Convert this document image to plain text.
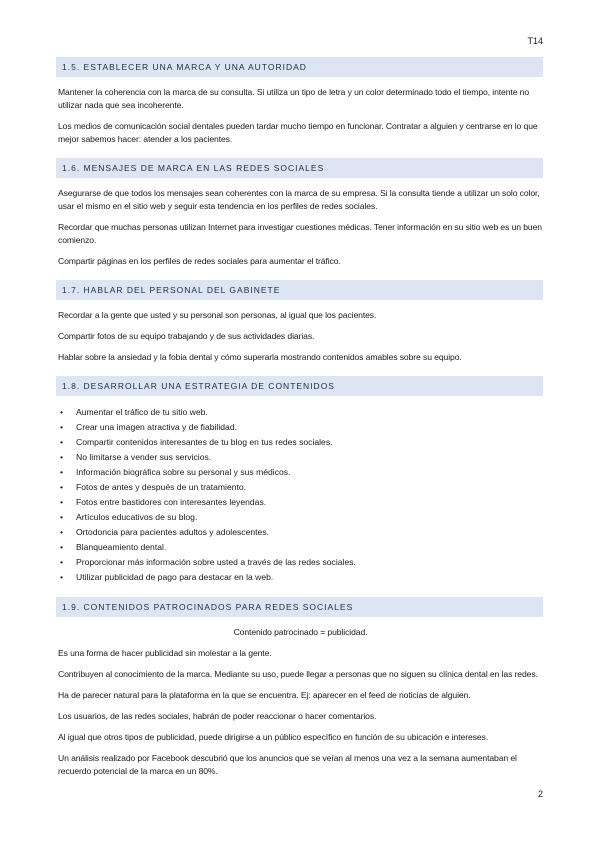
T14
1.5. ESTABLECER UNA MARCA Y UNA AUTORIDAD

Mantener la coherencia con la marca de su consulta. Si utiliza un tipo de letra y un color determinado todo el tiempo, intente no utilizar nada que sea incoherente.

Los medios de comunicación social dentales pueden tardar mucho tiempo en funcionar. Contratar a alguien y centrarse en lo que mejor sabemos hacer: atender a los pacientes.

1.6. MENSAJES DE MARCA EN LAS REDES SOCIALES

Asegurarse de que todos los mensajes sean coherentes con la marca de su empresa. Si la consulta tiende a utilizar un solo color, usar el mismo en el sitio web y seguir esta tendencia en los perfiles de redes sociales.

Recordar que muchas personas utilizan Internet para investigar cuestiones médicas. Tener información en su sitio web es un buen comienzo.

Compartir páginas en los perfiles de redes sociales para aumentar el tráfico.

1.7. HABLAR DEL PERSONAL DEL GABINETE

Recordar a la gente que usted y su personal son personas, al igual que los pacientes.

Compartir fotos de su equipo trabajando y de sus actividades diarias.

Hablar sobre la ansiedad y la fobia dental y cómo superarla mostrando contenidos amables sobre su equipo.

1.8. DESARROLLAR UNA ESTRATEGIA DE CONTENIDOS
• Aumentar el tráfico de tu sitio web.
• Crear una imagen atractiva y de fiabilidad.
• Compartir contenidos interesantes de tu blog en tus redes sociales.
• No limitarse a vender sus servicios.
• Información biográfica sobre su personal y sus médicos.
• Fotos de antes y después de un tratamiento.
• Fotos entre bastidores con interesantes leyendas.
• Artículos educativos de su blog.
• Ortodoncia para pacientes adultos y adolescentes.
• Blanqueamiento dental.
• Proporcionar más información sobre usted a través de las redes sociales.
• Utilizar publicidad de pago para destacar en la web.
1.9. CONTENIDOS PATROCINADOS PARA REDES SOCIALES

Contenido patrocinado = publicidad.

Es una forma de hacer publicidad sin molestar a la gente.

Contribuyen al conocimiento de la marca. Mediante su uso, puede llegar a personas que no siguen su clínica dental en las redes.

Ha de parecer natural para la plataforma en la que se encuentra. Ej: aparecer en el feed de noticias de alguien.

Los usuarios, de las redes sociales, habrán de poder reaccionar o hacer comentarios.

Al igual que otros tipos de publicidad, puede dirigirse a un público específico en función de su ubicación e intereses.

Un análisis realizado por Facebook descubrió que los anuncios que se veían al menos una vez a la semana aumentaban el recuerdo potencial de la marca en un 80%.

2
